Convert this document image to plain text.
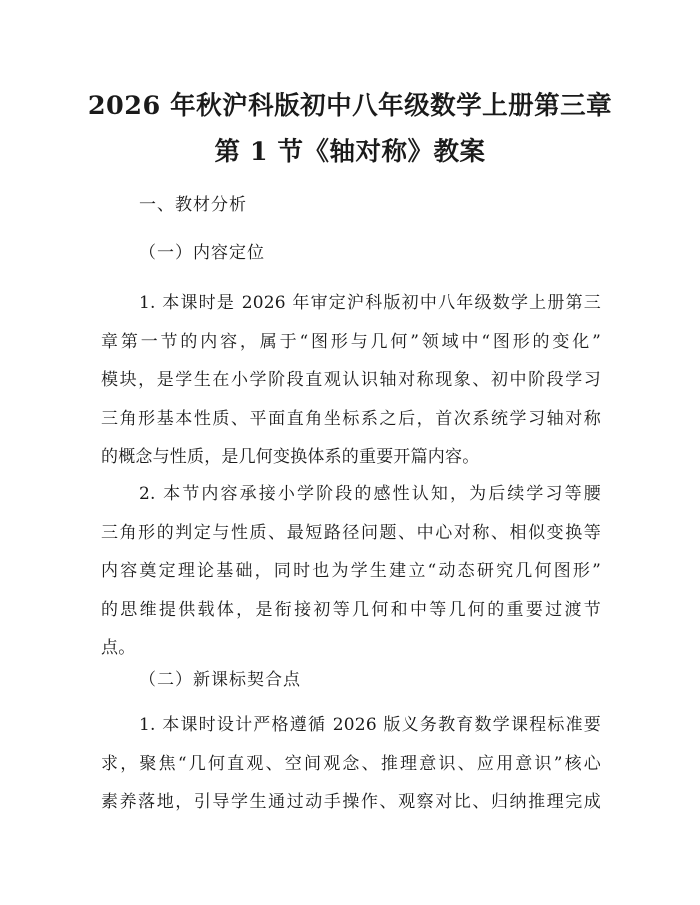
2026 年秋沪科版初中八年级数学上册第三章
第 1 节《轴对称》教案
一、教材分析
（一）内容定位
1. 本课时是 2026 年审定沪科版初中八年级数学上册第三
章第一节的内容，属于“图形与几何”领域中“图形的变化”
模块，是学生在小学阶段直观认识轴对称现象、初中阶段学习
三角形基本性质、平面直角坐标系之后，首次系统学习轴对称
的概念与性质，是几何变换体系的重要开篇内容。
2. 本节内容承接小学阶段的感性认知，为后续学习等腰
三角形的判定与性质、最短路径问题、中心对称、相似变换等
内容奠定理论基础，同时也为学生建立“动态研究几何图形”
的思维提供载体，是衔接初等几何和中等几何的重要过渡节
点。
（二）新课标契合点
1. 本课时设计严格遵循 2026 版义务教育数学课程标准要
求，聚焦“几何直观、空间观念、推理意识、应用意识”核心
素养落地，引导学生通过动手操作、观察对比、归纳推理完成
